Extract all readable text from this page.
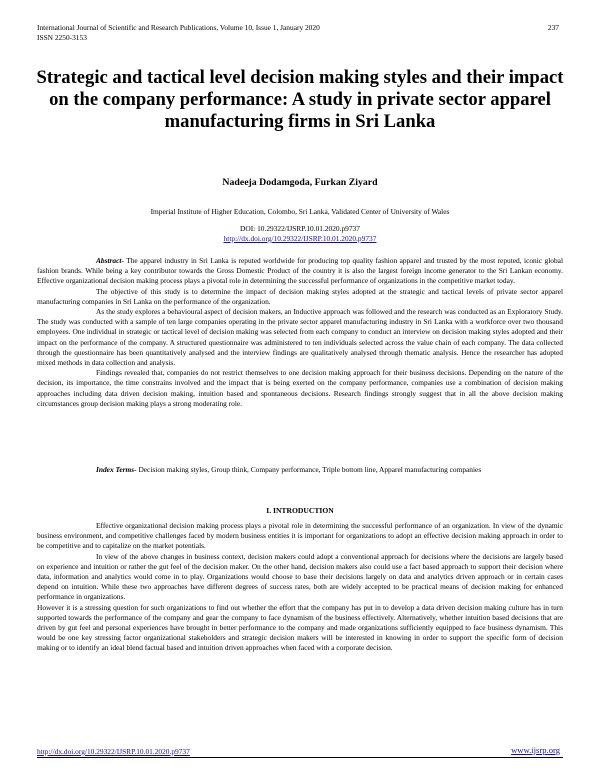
International Journal of Scientific and Research Publications, Volume 10, Issue 1, January 2020
ISSN 2250-3153
237
Strategic and tactical level decision making styles and their impact on the company performance: A study in private sector apparel manufacturing firms in Sri Lanka
Nadeeja Dodamgoda, Furkan Ziyard
Imperial Institute of Higher Education, Colombo, Sri Lanka, Validated Center of University of Wales
DOI: 10.29322/IJSRP.10.01.2020.p9737
http://dx.doi.org/10.29322/IJSRP.10.01.2020.p9737

Abstract- The apparel industry in Sri Lanka is reputed worldwide for producing top quality fashion apparel and trusted by the most reputed, iconic global fashion brands. While being a key contributor towards the Gross Domestic Product of the country it is also the largest foreign income generator to the Sri Lankan economy. Effective organizational decision making process plays a pivotal role in determining the successful performance of organizations in the competitive market today.

The objective of this study is to determine the impact of decision making styles adopted at the strategic and tactical levels of private sector apparel manufacturing companies in Sri Lanka on the performance of the organization.

As the study explores a behavioural aspect of decision makers, an Inductive approach was followed and the research was conducted as an Exploratory Study. The study was conducted with a sample of ten large companies operating in the private sector apparel manufacturing industry in Sri Lanka with a workforce over two thousand employees. One individual in strategic or tactical level of decision making was selected from each company to conduct an interview on decision making styles adopted and their impact on the performance of the company. A structured questionnaire was administered to ten individuals selected across the value chain of each company. The data collected through the questionnaire has been quantitatively analysed and the interview findings are qualitatively analysed through thematic analysis. Hence the researcher has adopted mixed methods in data collection and analysis.

Findings revealed that, companies do not restrict themselves to one decision making approach for their business decisions. Depending on the nature of the decision, its importance, the time constrains involved and the impact that is being exerted on the company performance, companies use a combination of decision making approaches including data driven decision making, intuition based and spontaneous decisions. Research findings strongly suggest that in all the above decision making circumstances group decision making plays a strong moderating role.

Index Terms- Decision making styles, Group think, Company performance, Triple bottom line, Apparel manufacturing companies

I. INTRODUCTION

Effective organizational decision making process plays a pivotal role in determining the successful performance of an organization. In view of the dynamic business environment, and competitive challenges faced by modern business entities it is important for organizations to adopt an effective decision making approach in order to be competitive and to capitalize on the market potentials.

In view of the above changes in business context, decision makers could adopt a conventional approach for decisions where the decisions are largely based on experience and intuition or rather the gut feel of the decision maker. On the other hand, decision makers also could use a fact based approach to support their decision where data, information and analytics would come in to play. Organizations would choose to base their decisions largely on data and analytics driven approach or in certain cases depend on intuition. While these two approaches have different degrees of success rates, both are widely accepted to be practical means of decision making for enhanced performance in organizations.

However it is a stressing question for such organizations to find out whether the effort that the company has put in to develop a data driven decision making culture has in turn supported towards the performance of the company and gear the company to face dynamism of the business effectively. Alternatively, whether intuition based decisions that are driven by gut feel and personal experiences have brought in better performance to the company and made organizations sufficiently equipped to face business dynamism. This would be one key stressing factor organizational stakeholders and strategic decision makers will be interested in knowing in order to support the specific form of decision making or to identify an ideal blend factual based and intuition driven approaches when faced with a corporate decision.

http://dx.doi.org/10.29322/IJSRP.10.01.2020.p9737	www.ijsrp.org
